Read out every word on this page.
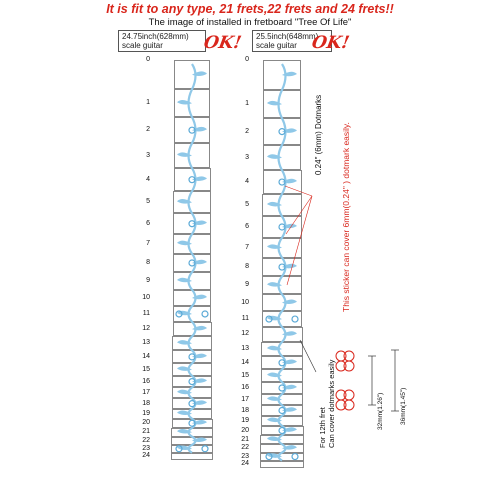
It is fit to any type, 21 frets,22 frets and 24 frets!!
The image of installed in fretboard "Tree Of Life"
24.75inch(628mm)
scale guitar	OK! 25.5inch(648mm)
scale guitar OK!
0
1
2
3
4
5
6
7
8
9
10
11
12
13
14
15
16
17
18
19
20
21
22
23
24
0
1
2
3
4
5
6
7
8
9
10
11
12
13
14
15
16
17
18
19
20
21
22
23
24
0.24" (6mm) Dotmarks This sticker can cover 6mm(0.24" ) dotmark easily.
For 12th fret Can cover dotmarks easily	32mm(1.26") 36mm(1.45")
